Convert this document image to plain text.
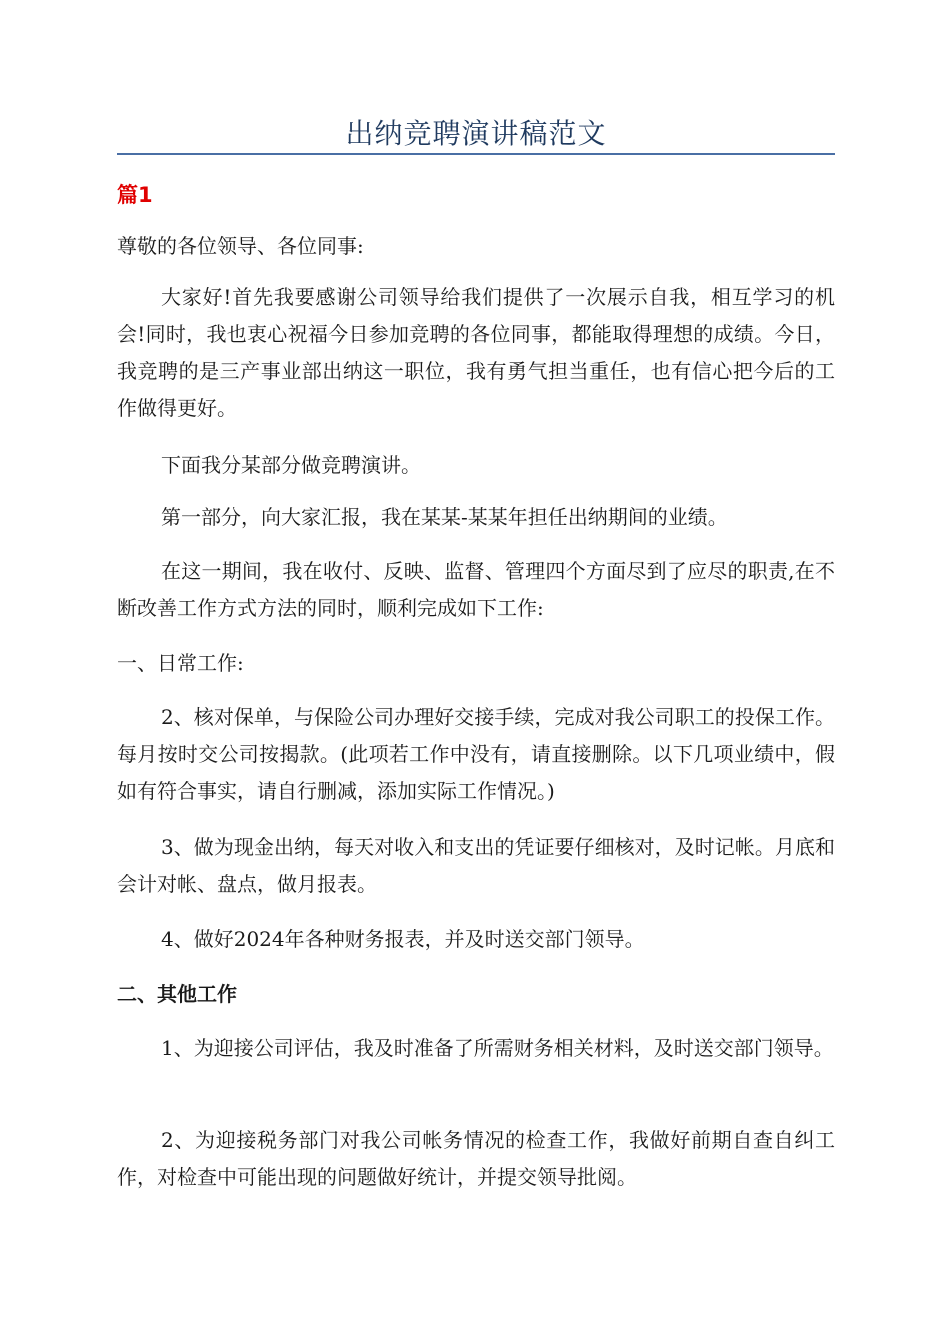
出纳竞聘演讲稿范文
篇1

尊敬的各位领导、各位同事:

大家好!首先我要感谢公司领导给我们提供了一次展示自我，相互学习的机会!同时，我也衷心祝福今日参加竞聘的各位同事，都能取得理想的成绩。今日，我竞聘的是三产事业部出纳这一职位，我有勇气担当重任，也有信心把今后的工作做得更好。

下面我分某部分做竞聘演讲。

第一部分，向大家汇报，我在某某-某某年担任出纳期间的业绩。

在这一期间，我在收付、反映、监督、管理四个方面尽到了应尽的职责,在不断改善工作方式方法的同时，顺利完成如下工作:

一、日常工作:

2、核对保单，与保险公司办理好交接手续，完成对我公司职工的投保工作。每月按时交公司按揭款。(此项若工作中没有，请直接删除。以下几项业绩中，假如有符合事实，请自行删减，添加实际工作情况。)

3、做为现金出纳，每天对收入和支出的凭证要仔细核对，及时记帐。月底和会计对帐、盘点，做月报表。

4、做好2024年各种财务报表，并及时送交部门领导。

二、其他工作

1、为迎接公司评估，我及时准备了所需财务相关材料，及时送交部门领导。

2、为迎接税务部门对我公司帐务情况的检查工作，我做好前期自查自纠工作，对检查中可能出现的问题做好统计，并提交领导批阅。
